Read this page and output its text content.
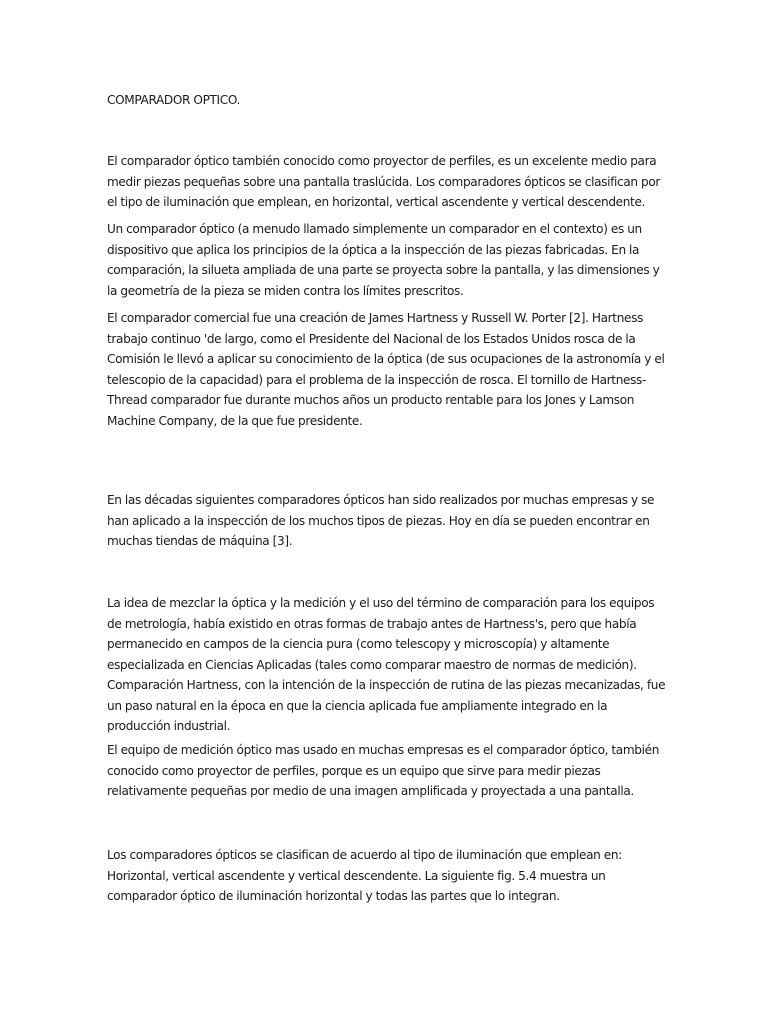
COMPARADOR OPTICO.

El comparador óptico también conocido como proyector de perfiles, es un excelente medio para medir piezas pequeñas sobre una pantalla traslúcida. Los comparadores ópticos se clasifican por el tipo de iluminación que emplean, en horizontal, vertical ascendente y vertical descendente.

Un comparador óptico (a menudo llamado simplemente un comparador en el contexto) es un dispositivo que aplica los principios de la óptica a la inspección de las piezas fabricadas. En la comparación, la silueta ampliada de una parte se proyecta sobre la pantalla, y las dimensiones y la geometría de la pieza se miden contra los límites prescritos.

El comparador comercial fue una creación de James Hartness y Russell W. Porter [2]. Hartness trabajo continuo 'de largo, como el Presidente del Nacional de los Estados Unidos rosca de la Comisión le llevó a aplicar su conocimiento de la óptica (de sus ocupaciones de la astronomía y el telescopio de la capacidad) para el problema de la inspección de rosca. El tornillo de Hartness-Thread comparador fue durante muchos años un producto rentable para los Jones y Lamson Machine Company, de la que fue presidente.

En las décadas siguientes comparadores ópticos han sido realizados por muchas empresas y se han aplicado a la inspección de los muchos tipos de piezas. Hoy en día se pueden encontrar en muchas tiendas de máquina [3].

La idea de mezclar la óptica y la medición y el uso del término de comparación para los equipos de metrología, había existido en otras formas de trabajo antes de Hartness's, pero que había permanecido en campos de la ciencia pura (como telescopy y microscopía) y altamente especializada en Ciencias Aplicadas (tales como comparar maestro de normas de medición). Comparación Hartness, con la intención de la inspección de rutina de las piezas mecanizadas, fue un paso natural en la época en que la ciencia aplicada fue ampliamente integrado en la producción industrial.

El equipo de medición óptico mas usado en muchas empresas es el comparador óptico, también conocido como proyector de perfiles, porque es un equipo que sirve para medir piezas relativamente pequeñas por medio de una imagen amplificada y proyectada a una pantalla.

Los comparadores ópticos se clasifican de acuerdo al tipo de iluminación que emplean en: Horizontal, vertical ascendente y vertical descendente. La siguiente fig. 5.4 muestra un comparador óptico de iluminación horizontal y todas las partes que lo integran.
